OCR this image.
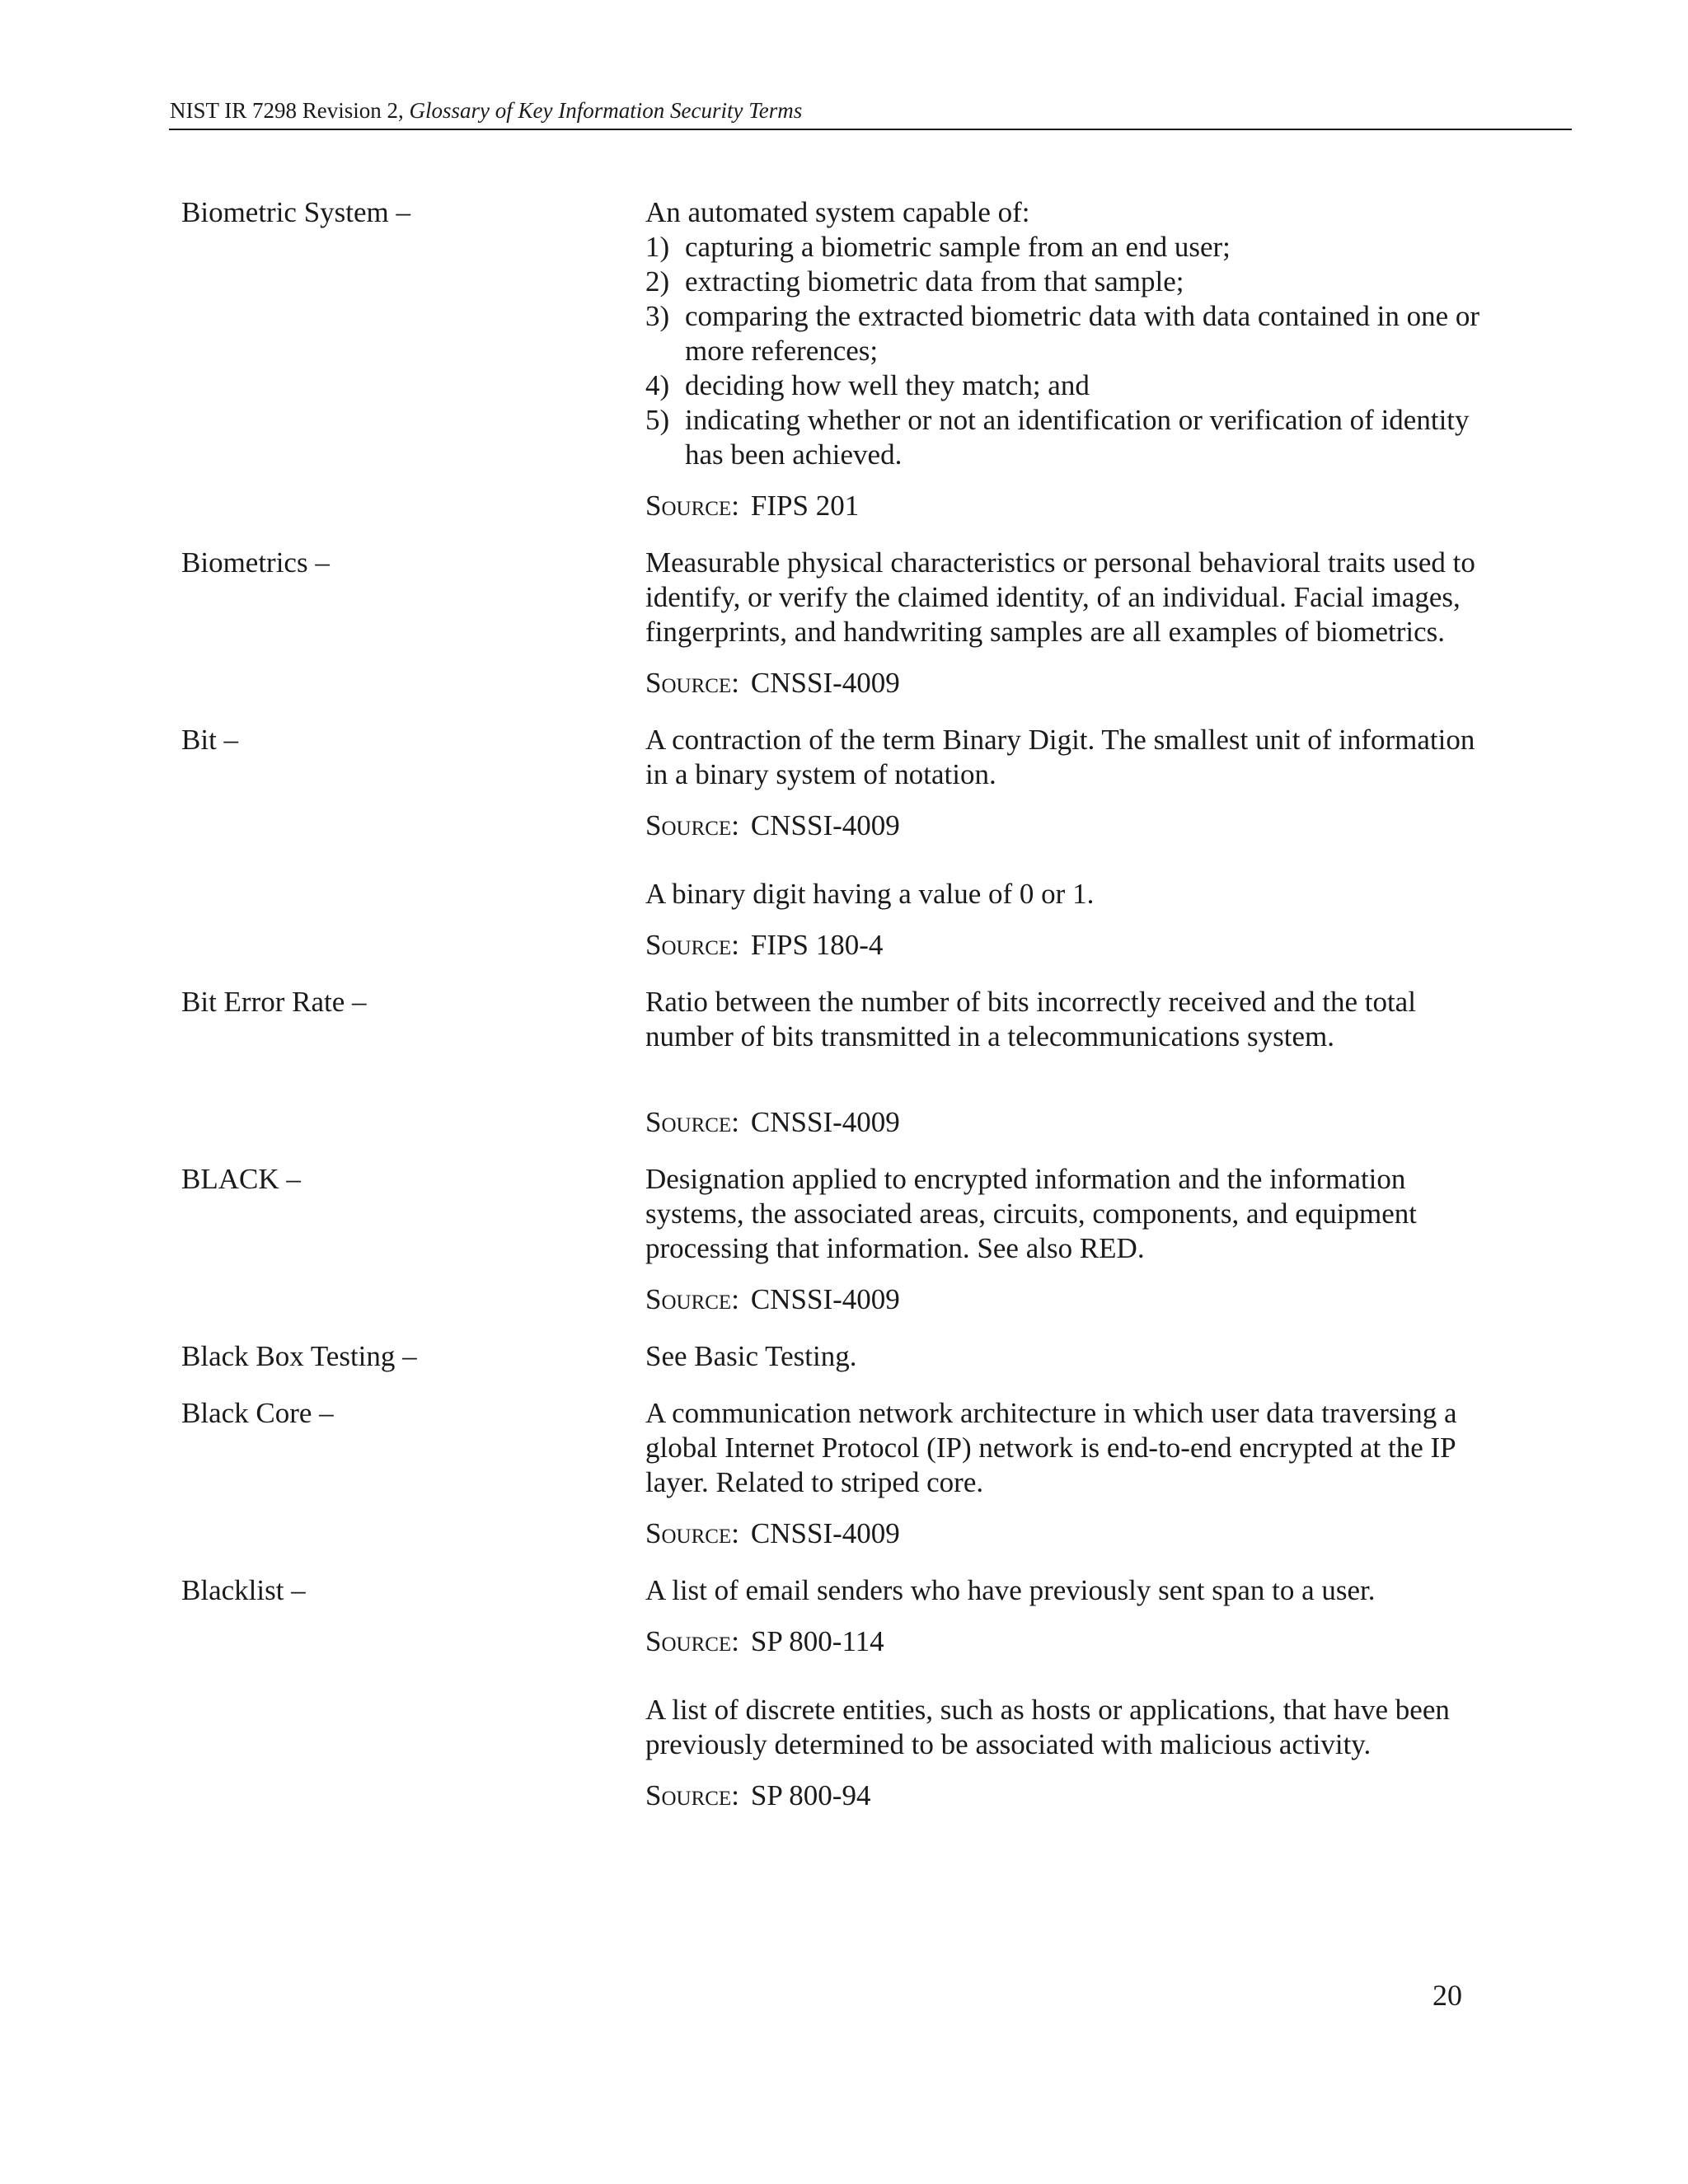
NIST IR 7298 Revision 2, Glossary of Key Information Security Terms
Biometric System –	An automated system capable of:

1) capturing a biometric sample from an end user;
2) extracting biometric data from that sample;
3) comparing the extracted biometric data with data contained in one or more references;
4) deciding how well they match; and
5) indicating whether or not an identification or verification of identity has been achieved.
Source: FIPS 201
Biometrics –	Measurable physical characteristics or personal behavioral traits used to identify, or verify the claimed identity, of an individual. Facial images, fingerprints, and handwriting samples are all examples of biometrics.

Source: CNSSI-4009
Bit –	A contraction of the term Binary Digit. The smallest unit of information in a binary system of notation.

Source: CNSSI-4009

A binary digit having a value of 0 or 1.

Source: FIPS 180-4
Bit Error Rate –	Ratio between the number of bits incorrectly received and the total number of bits transmitted in a telecommunications system.

Source: CNSSI-4009
BLACK –	Designation applied to encrypted information and the information systems, the associated areas, circuits, components, and equipment processing that information. See also RED.

Source: CNSSI-4009
Black Box Testing –	See Basic Testing.

Black Core –	A communication network architecture in which user data traversing a global Internet Protocol (IP) network is end-to-end encrypted at the IP layer. Related to striped core.

Source: CNSSI-4009
Blacklist –	A list of email senders who have previously sent span to a user.

Source: SP 800-114

A list of discrete entities, such as hosts or applications, that have been previously determined to be associated with malicious activity.

Source: SP 800-94
20
